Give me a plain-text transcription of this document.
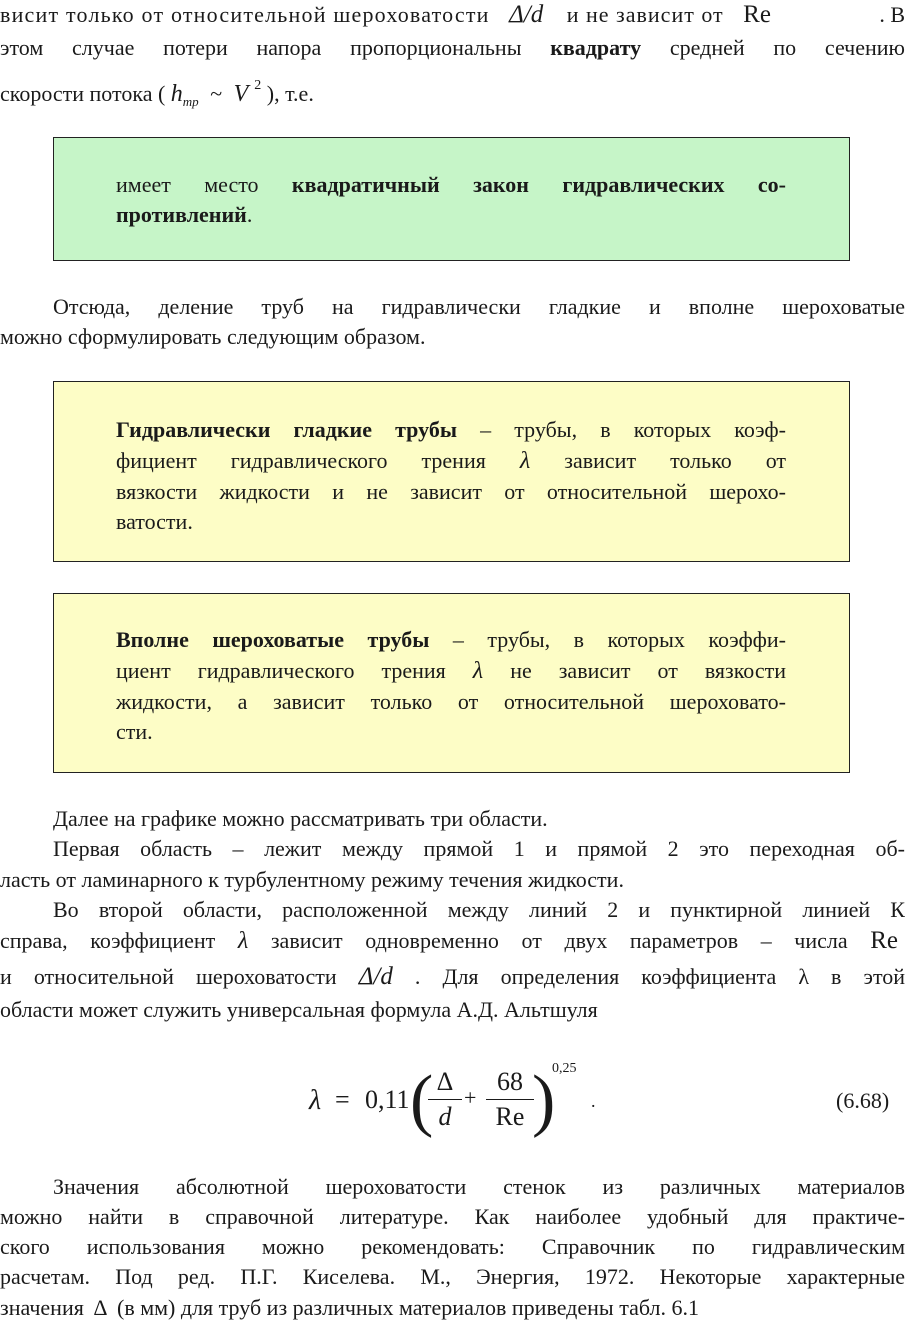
висит только от относительной шероховатости Δ/d и не зависит от Re	. В
этом случае потери напора пропорциональны квадрату средней по сечению
скорости потока ( $h_{тр}$ ~ V $^2$ ), т.е.
имеет место квадратичный закон гидравлических со-
противлений.
Отсюда, деление труб на гидравлически гладкие и вполне шероховатые
можно сформулировать следующим образом.
Гидравлически гладкие трубы – трубы, в которых коэф-
фициент гидравлического трения λ зависит только от
вязкости жидкости и не зависит от относительной шерохо-
ватости.
Вполне шероховатые трубы – трубы, в которых коэффи-
циент гидравлического трения λ не зависит от вязкости
жидкости, а зависит только от относительной шероховато-
сти.
Далее на графике можно рассматривать три области.
Первая область – лежит между прямой 1 и прямой 2 это переходная об-
ласть от ламинарного к турбулентному режиму течения жидкости.
Во второй области, расположенной между линий 2 и пунктирной линией К
справа, коэффициент λ зависит одновременно от двух параметров – числа Re
и относительной шероховатости Δ/d . Для определения коэффициента λ в этой
области может служить универсальная формула А.Д. Альтшуля
λ = 0,11 ( Δ
d
+
68
Re )
0,25
.	(6.68)
Значения абсолютной шероховатости стенок из различных материалов
можно найти в справочной литературе. Как наиболее удобный для практиче-
ского использования можно рекомендовать: Справочник по гидравлическим
расчетам. Под ред. П.Г. Киселева. М., Энергия, 1972. Некоторые характерные
значения Δ (в мм) для труб из различных материалов приведены табл. 6.1
